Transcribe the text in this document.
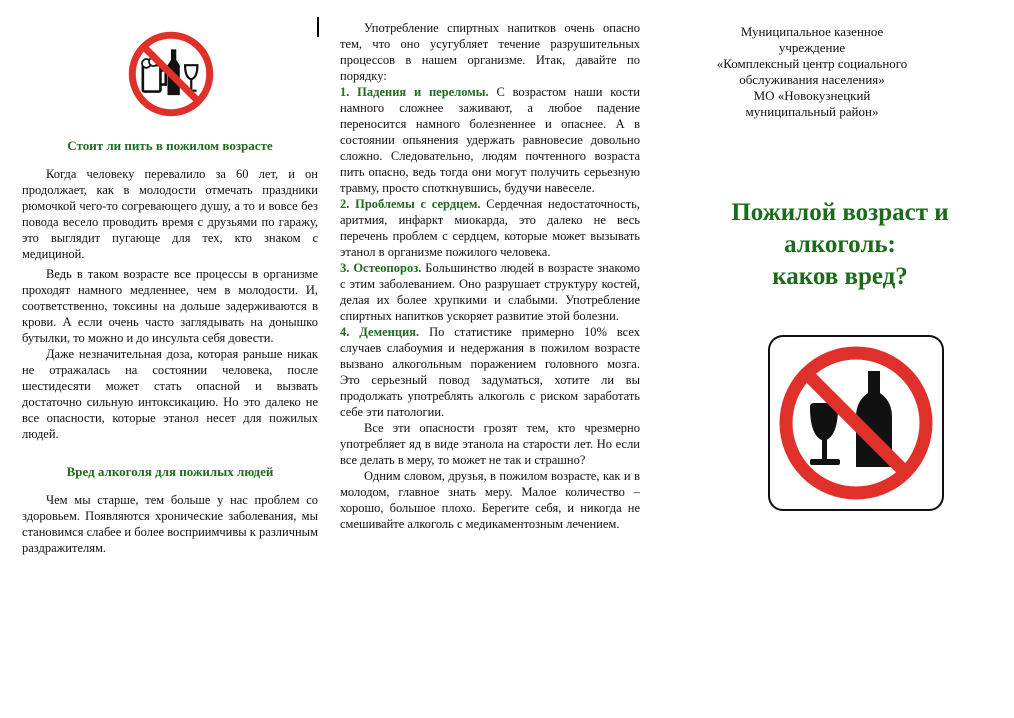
Стоит ли пить в пожилом возрасте

Когда человеку перевалило за 60 лет, и он продолжает, как в молодости отмечать праздники рюмочкой чего-то согревающего душу, а то и вовсе без повода весело проводить время с друзьями по гаражу, это выглядит пугающе для тех, кто знаком с медициной.

Ведь в таком возрасте все процессы в организме проходят намного медленнее, чем в молодости. И, соответственно, токсины на дольше задерживаются в крови. А если очень часто заглядывать на донышко бутылки, то можно и до инсульта себя довести.

Даже незначительная доза, которая раньше никак не отражалась на состоянии человека, после шестидесяти может стать опасной и вызвать достаточно сильную интоксикацию. Но это далеко не все опасности, которые этанол несет для пожилых людей.

Вред алкоголя для пожилых людей

Чем мы старше, тем больше у нас проблем со здоровьем. Появляются хронические заболевания, мы становимся слабее и более восприимчивы к различным раздражителям.

Употребление спиртных напитков очень опасно тем, что оно усугубляет течение разрушительных процессов в нашем организме. Итак, давайте по порядку:

1. Падения и переломы. С возрастом наши кости намного сложнее заживают, а любое падение переносится намного болезненнее и опаснее. А в состоянии опьянения удержать равновесие довольно сложно. Следовательно, людям почтенного возраста пить опасно, ведь тогда они могут получить серьезную травму, просто споткнувшись, будучи навеселе.

2. Проблемы с сердцем. Сердечная недостаточность, аритмия, инфаркт миокарда, это далеко не весь перечень проблем с сердцем, которые может вызывать этанол в организме пожилого человека.

3. Остеопороз. Большинство людей в возрасте знакомо с этим заболеванием. Оно разрушает структуру костей, делая их более хрупкими и слабыми. Употребление спиртных напитков ускоряет развитие этой болезни.

4. Деменция. По статистике примерно 10% всех случаев слабоумия и недержания в пожилом возрасте вызвано алкогольным поражением головного мозга. Это серьезный повод задуматься, хотите ли вы продолжать употреблять алкоголь с риском заработать себе эти патологии.

Все эти опасности грозят тем, кто чрезмерно употребляет яд в виде этанола на старости лет. Но если все делать в меру, то может не так и страшно?

Одним словом, друзья, в пожилом возрасте, как и в молодом, главное знать меру. Малое количество – хорошо, большое плохо. Берегите себя, и никогда не смешивайте алкоголь с медикаментозным лечением.

Муниципальное казенное учреждение

«Комплексный центр социального обслуживания населения»

МО «Новокузнецкий муниципальный район»

Пожилой возраст и

алкоголь:

каков вред?
